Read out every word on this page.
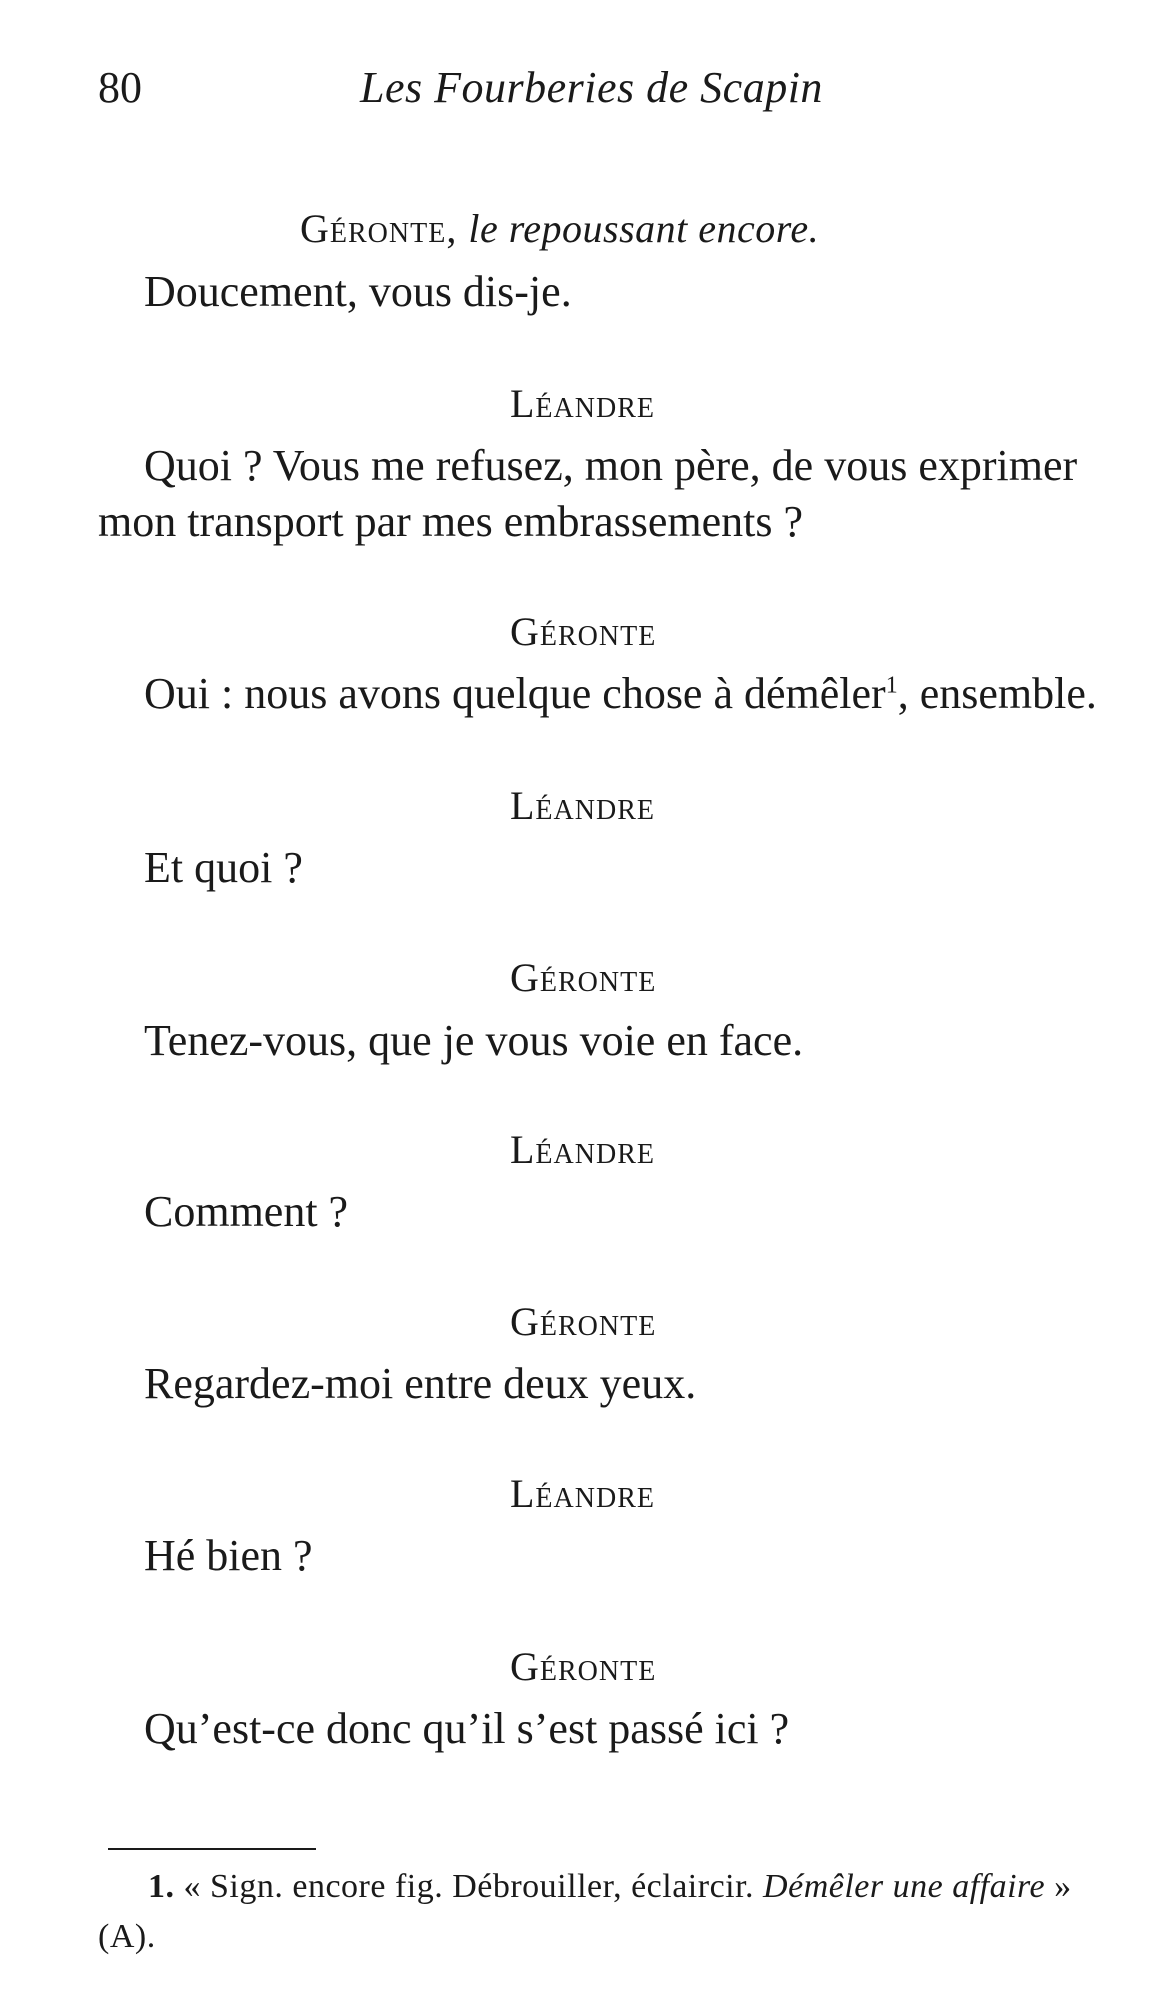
80	Les Fourberies de Scapin
Géronte, le repoussant encore.
Doucement, vous dis-je.
Léandre
Quoi ? Vous me refusez, mon père, de vous exprimer
mon transport par mes embrassements ?
Géronte
Oui : nous avons quelque chose à démêler$^1$, ensemble.
Léandre
Et quoi ?
Géronte
Tenez-vous, que je vous voie en face.
Léandre
Comment ?
Géronte
Regardez-moi entre deux yeux.
Léandre
Hé bien ?
Géronte
Qu’est-ce donc qu’il s’est passé ici ?
1. « Sign. encore fig. Débrouiller, éclaircir. Démêler une affaire » (A).
